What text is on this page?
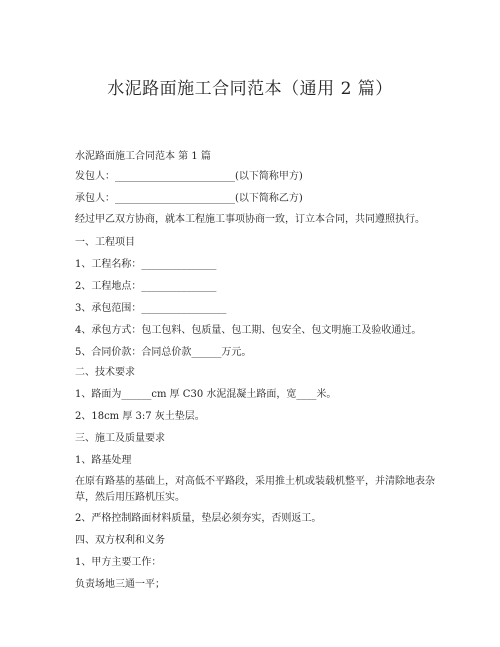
水泥路面施工合同范本（通用 2 篇）
水泥路面施工合同范本 第 1 篇
发包人：________________________(以下简称甲方)
承包人：________________________(以下简称乙方)
经过甲乙双方协商，就本工程施工事项协商一致，订立本合同，共同遵照执行。
一、工程项目
1、工程名称：_______________
2、工程地点：_______________
3、承包范围：_________________
4、承包方式：包工包料、包质量、包工期、包安全、包文明施工及验收通过。
5、合同价款：合同总价款______万元。
二、技术要求
1、路面为______cm 厚 C30 水泥混凝土路面，宽____米。
2、18cm 厚 3:7 灰土垫层。
三、施工及质量要求
1、路基处理
在原有路基的基础上，对高低不平路段，采用推土机或装载机整平，并清除地表杂草，然后用压路机压实。
2、严格控制路面材料质量，垫层必须夯实，否则返工。
四、双方权利和义务
1、甲方主要工作：
负责场地三通一平；
